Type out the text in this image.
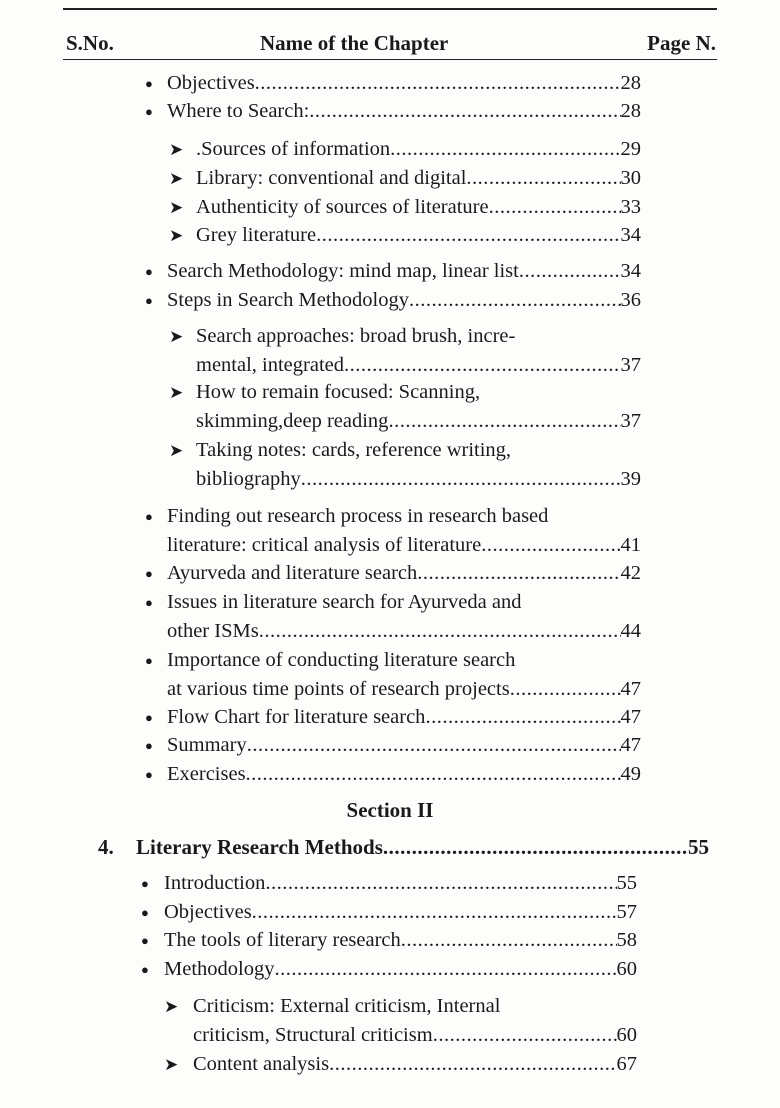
S.No.	Name of the Chapter	Page N.
Section II
● Objectives .....	28
● Where to Search: .....	28
➤ .Sources of information .....	29
➤ Library: conventional and digital .....	30
➤ Authenticity of sources of literature .....	33
➤ Grey literature .....	34
● Search Methodology: mind map, linear list .....	34
● Steps in Search Methodology .....	36
➤ Search approaches: broad brush, incre-
mental, integrated .....	37
➤ How to remain focused: Scanning,
skimming,deep reading .....	37
➤ Taking notes: cards, reference writing,
bibliography .....	39
● Finding out research process in research based
literature: critical analysis of literature .....	41
● Ayurveda and literature search .....	42
● Issues in literature search for Ayurveda and
other ISMs .....	44
● Importance of conducting literature search
at various time points of research projects .....	47
● Flow Chart for literature search .....	47
● Summary .....	47
● Exercises .....	49
4. Literary Research Methods .....	55
● Introduction .....	55
● Objectives .....	57
● The tools of literary research .....	58
● Methodology .....	60
➤ Criticism: External criticism, Internal
criticism, Structural criticism .....	60
➤ Content analysis .....	67
